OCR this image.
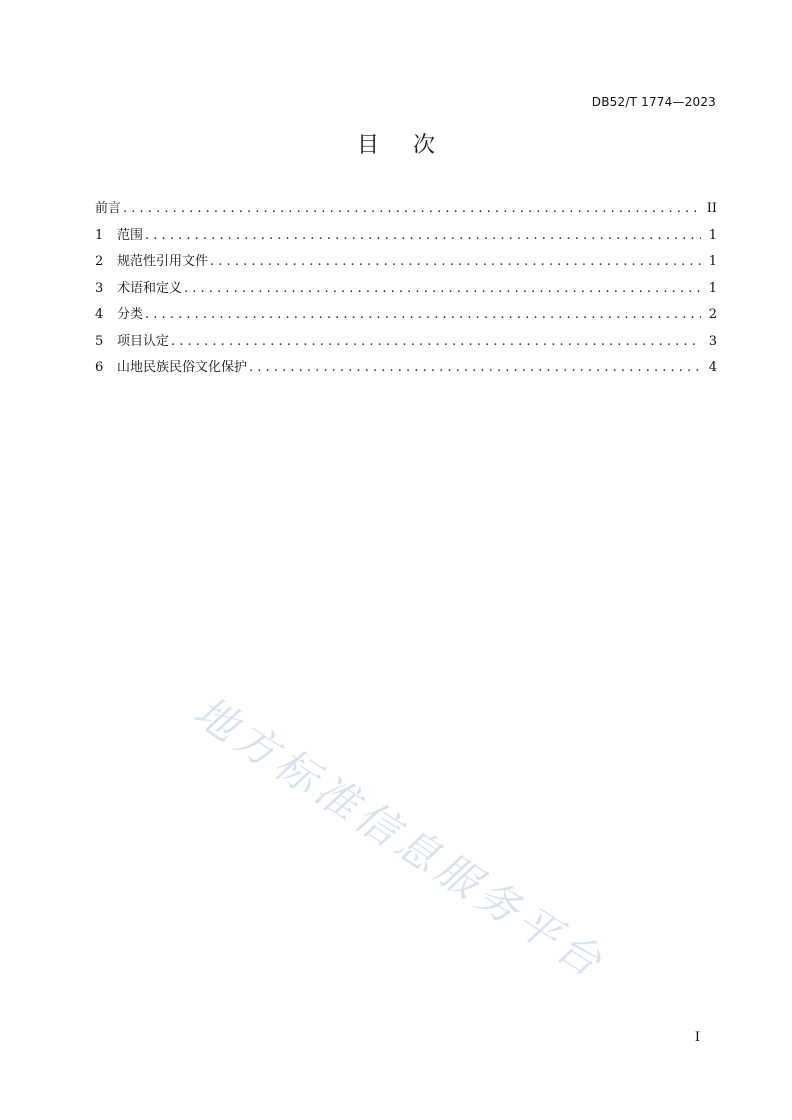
DB52/T 1774—2023
目次
前言 . . .	II
1	范围 . . .	1
2	规范性引用文件 . . .	1
3	术语和定义 . . .	1
4	分类 . . .	2
5	项目认定 . . .	3
6	山地民族民俗文化保护 . . .	4
地方标准信息服务平台
I
